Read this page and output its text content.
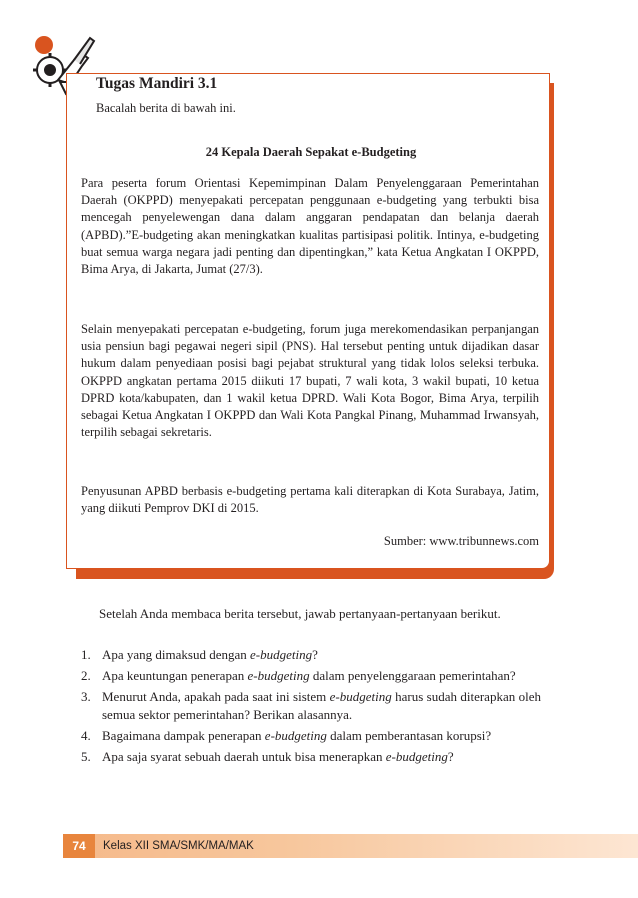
Tugas Mandiri 3.1
Bacalah berita di bawah ini.
24 Kepala Daerah Sepakat e-Budgeting

Para peserta forum Orientasi Kepemimpinan Dalam Penyelenggaraan Pemerintahan Daerah (OKPPD) menyepakati percepatan penggunaan e-budgeting yang terbukti bisa mencegah penyelewengan dana dalam anggaran pendapatan dan belanja daerah (APBD).”E-budgeting akan meningkatkan kualitas partisipasi politik. Intinya, e-budgeting buat semua warga negara jadi penting dan dipentingkan,” kata Ketua Angkatan I OKPPD, Bima Arya, di Jakarta, Jumat (27/3).

Selain menyepakati percepatan e-budgeting, forum juga merekomendasikan perpanjangan usia pensiun bagi pegawai negeri sipil (PNS). Hal tersebut penting untuk dijadikan dasar hukum dalam penyediaan posisi bagi pejabat struktural yang tidak lolos seleksi terbuka. OKPPD angkatan pertama 2015 diikuti 17 bupati, 7 wali kota, 3 wakil bupati, 10 ketua DPRD kota/kabupaten, dan 1 wakil ketua DPRD. Wali Kota Bogor, Bima Arya, terpilih sebagai Ketua Angkatan I OKPPD dan Wali Kota Pangkal Pinang, Muhammad Irwansyah, terpilih sebagai sekretaris.

Penyusunan APBD berbasis e-budgeting pertama kali diterapkan di Kota Surabaya, Jatim, yang diikuti Pemprov DKI di 2015.

Sumber: www.tribunnews.com

Setelah Anda membaca berita tersebut, jawab pertanyaan-pertanyaan berikut.

1. Apa yang dimaksud dengan e-budgeting?
2. Apa keuntungan penerapan e-budgeting dalam penyelenggaraan pemerintahan?
3. Menurut Anda, apakah pada saat ini sistem e-budgeting harus sudah diterapkan oleh semua sektor pemerintahan? Berikan alasannya.
4. Bagaimana dampak penerapan e-budgeting dalam pemberantasan korupsi?
5. Apa saja syarat sebuah daerah untuk bisa menerapkan e-budgeting?
74	Kelas XII SMA/SMK/MA/MAK
